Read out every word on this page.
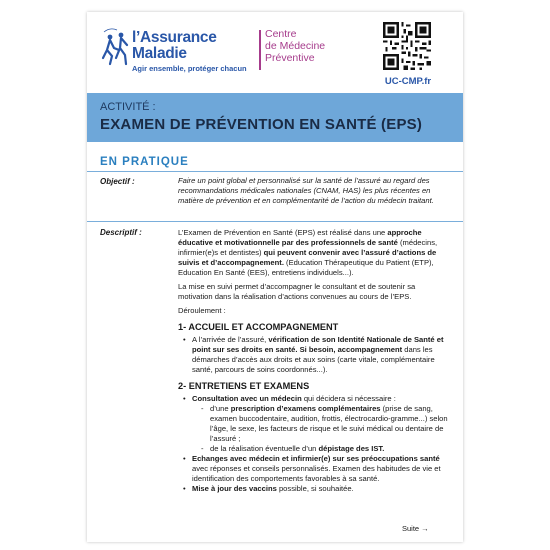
l’Assurance
Maladie
Agir ensemble, protéger chacun
Centre
de Médecine
Préventive
UC-CMP.fr
ACTIVITÉ :
EXAMEN DE PRÉVENTION EN SANTÉ (EPS)
EN PRATIQUE
Objectif :	Faire un point global et personnalisé sur la santé de l’assuré au regard des recommandations médicales nationales (CNAM, HAS) les plus récentes en matière de prévention et en complémentarité de l’action du médecin traitant.
Descriptif :	L’Examen de Prévention en Santé (EPS) est réalisé dans une approche éducative et motivationnelle par des professionnels de santé (médecins, infirmier(e)s et dentistes) qui peuvent convenir avec l’assuré d’actions de suivis et d’accompagnement. (Education Thérapeutique du Patient (ETP), Education En Santé (EES), entretiens individuels...).

La mise en suivi permet d’accompagner le consultant et de soutenir sa motivation dans la réalisation d’actions convenues au cours de l’EPS.

Déroulement :

1- ACCUEIL ET ACCOMPAGNEMENT
• A l’arrivée de l’assuré, vérification de son Identité Nationale de Santé et point sur ses droits en santé. Si besoin, accompagnement dans les démarches d’accès aux droits et aux soins (carte vitale, complémentaire santé, parcours de soins coordonnés...).
2- ENTRETIENS ET EXAMENS
• Consultation avec un médecin qui décidera si nécessaire :
- d’une prescription d’examens complémentaires (prise de sang, examen buccodentaire, audition, frottis, électrocardio-gramme...) selon l’âge, le sexe, les facteurs de risque et le suivi médical ou dentaire de l’assuré ;
- de la réalisation éventuelle d’un dépistage des IST.
• Echanges avec médecin et infirmier(e) sur ses préoccupations santé avec réponses et conseils personnalisés. Examen des habitudes de vie et identification des comportements favorables à sa santé.
• Mise à jour des vaccins possible, si souhaitée.
Suite →
